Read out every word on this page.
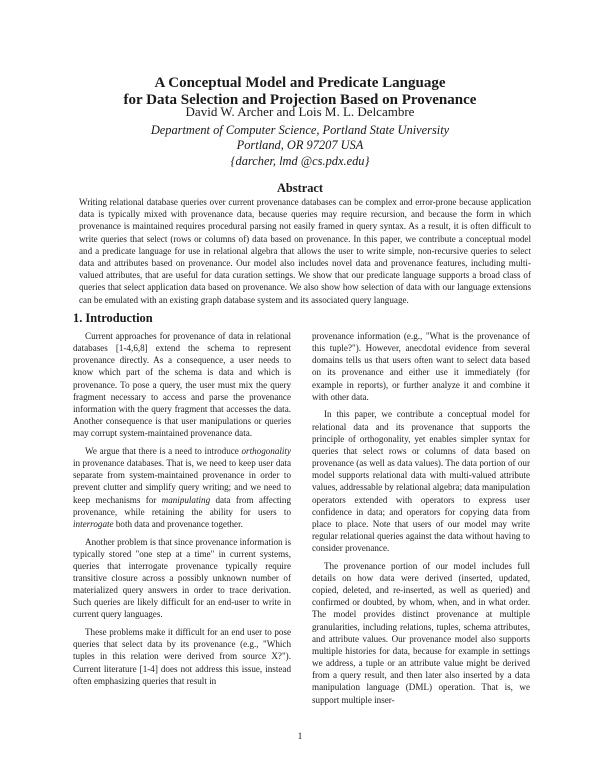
A Conceptual Model and Predicate Language
for Data Selection and Projection Based on Provenance
David W. Archer and Lois M. L. Delcambre
Department of Computer Science, Portland State University
Portland, OR 97207 USA
{darcher, lmd @cs.pdx.edu}
Abstract
Writing relational database queries over current provenance databases can be complex and error-prone because application data is typically mixed with provenance data, because queries may require recursion, and because the form in which provenance is maintained requires procedural parsing not easily framed in query syntax. As a result, it is often difficult to write queries that select (rows or columns of) data based on provenance. In this paper, we contribute a conceptual model and a predicate language for use in relational algebra that allows the user to write simple, non-recursive queries to select data and attributes based on provenance. Our model also includes novel data and provenance features, including multi-valued attributes, that are useful for data curation settings. We show that our predicate language supports a broad class of queries that select application data based on provenance. We also show how selection of data with our language extensions can be emulated with an existing graph database system and its associated query language.
1. Introduction

Current approaches for provenance of data in relational databases [1-4,6,8] extend the schema to represent provenance directly. As a consequence, a user needs to know which part of the schema is data and which is provenance. To pose a query, the user must mix the query fragment necessary to access and parse the provenance information with the query fragment that accesses the data. Another consequence is that user manipulations or queries may corrupt system-maintained provenance data.

We argue that there is a need to introduce orthogonality in provenance databases. That is, we need to keep user data separate from system-maintained provenance in order to prevent clutter and simplify query writing; and we need to keep mechanisms for manipulating data from affecting provenance, while retaining the ability for users to interrogate both data and provenance together.

Another problem is that since provenance information is typically stored "one step at a time" in current systems, queries that interrogate provenance typically require transitive closure across a possibly unknown number of materialized query answers in order to trace derivation. Such queries are likely difficult for an end-user to write in current query languages.

These problems make it difficult for an end user to pose queries that select data by its provenance (e.g., "Which tuples in this relation were derived from source X?"). Current literature [1-4] does not address this issue, instead often emphasizing queries that result in

provenance information (e.g., "What is the provenance of this tuple?"). However, anecdotal evidence from several domains tells us that users often want to select data based on its provenance and either use it immediately (for example in reports), or further analyze it and combine it with other data.

In this paper, we contribute a conceptual model for relational data and its provenance that supports the principle of orthogonality, yet enables simpler syntax for queries that select rows or columns of data based on provenance (as well as data values). The data portion of our model supports relational data with multi-valued attribute values, addressable by relational algebra; data manipulation operators extended with operators to express user confidence in data; and operators for copying data from place to place. Note that users of our model may write regular relational queries against the data without having to consider provenance.

The provenance portion of our model includes full details on how data were derived (inserted, updated, copied, deleted, and re-inserted, as well as queried) and confirmed or doubted, by whom, when, and in what order. The model provides distinct provenance at multiple granularities, including relations, tuples, schema attributes, and attribute values. Our provenance model also supports multiple histories for data, because for example in settings we address, a tuple or an attribute value might be derived from a query result, and then later also inserted by a data manipulation language (DML) operation. That is, we support multiple inser-

1
